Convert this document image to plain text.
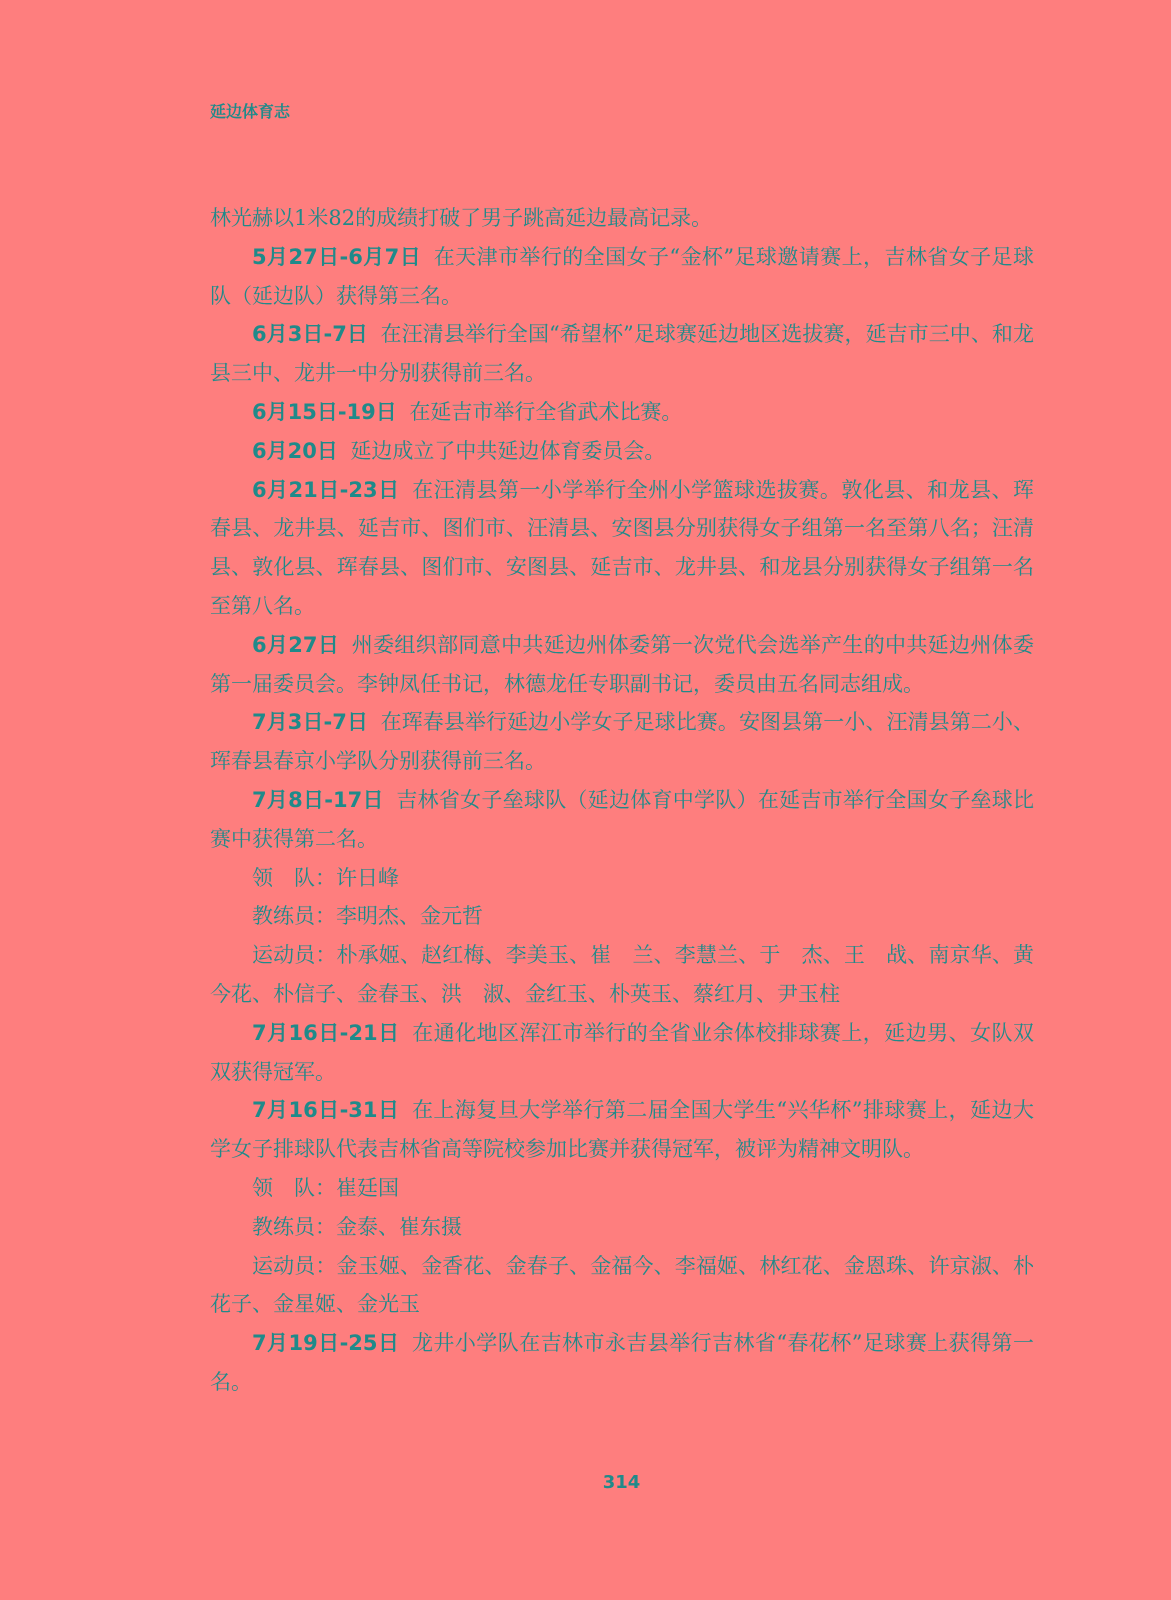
延边体育志

林光赫以1米82的成绩打破了男子跳高延边最高记录。

5月27日-6月7日 在天津市举行的全国女子“金杯”足球邀请赛上，吉林省女子足球队（延边队）获得第三名。

6月3日-7日 在汪清县举行全国“希望杯”足球赛延边地区选拔赛，延吉市三中、和龙县三中、龙井一中分别获得前三名。

6月15日-19日 在延吉市举行全省武术比赛。

6月20日 延边成立了中共延边体育委员会。

6月21日-23日 在汪清县第一小学举行全州小学篮球选拔赛。敦化县、和龙县、珲春县、龙井县、延吉市、图们市、汪清县、安图县分别获得女子组第一名至第八名；汪清县、敦化县、珲春县、图们市、安图县、延吉市、龙井县、和龙县分别获得女子组第一名至第八名。

6月27日 州委组织部同意中共延边州体委第一次党代会选举产生的中共延边州体委第一届委员会。李钟凤任书记，林德龙任专职副书记，委员由五名同志组成。

7月3日-7日 在珲春县举行延边小学女子足球比赛。安图县第一小、汪清县第二小、珲春县春京小学队分别获得前三名。

7月8日-17日 吉林省女子垒球队（延边体育中学队）在延吉市举行全国女子垒球比赛中获得第二名。

领　队：许日峰

教练员：李明杰、金元哲

运动员：朴承姬、赵红梅、李美玉、崔　兰、李慧兰、于　杰、王　战、南京华、黄今花、朴信子、金春玉、洪　淑、金红玉、朴英玉、蔡红月、尹玉柱

7月16日-21日 在通化地区浑江市举行的全省业余体校排球赛上，延边男、女队双双获得冠军。

7月16日-31日 在上海复旦大学举行第二届全国大学生“兴华杯”排球赛上，延边大学女子排球队代表吉林省高等院校参加比赛并获得冠军，被评为精神文明队。

领　队：崔廷国

教练员：金泰、崔东摄

运动员：金玉姬、金香花、金春子、金福今、李福姬、林红花、金恩珠、许京淑、朴花子、金星姬、金光玉

7月19日-25日 龙井小学队在吉林市永吉县举行吉林省“春花杯”足球赛上获得第一名。

314
